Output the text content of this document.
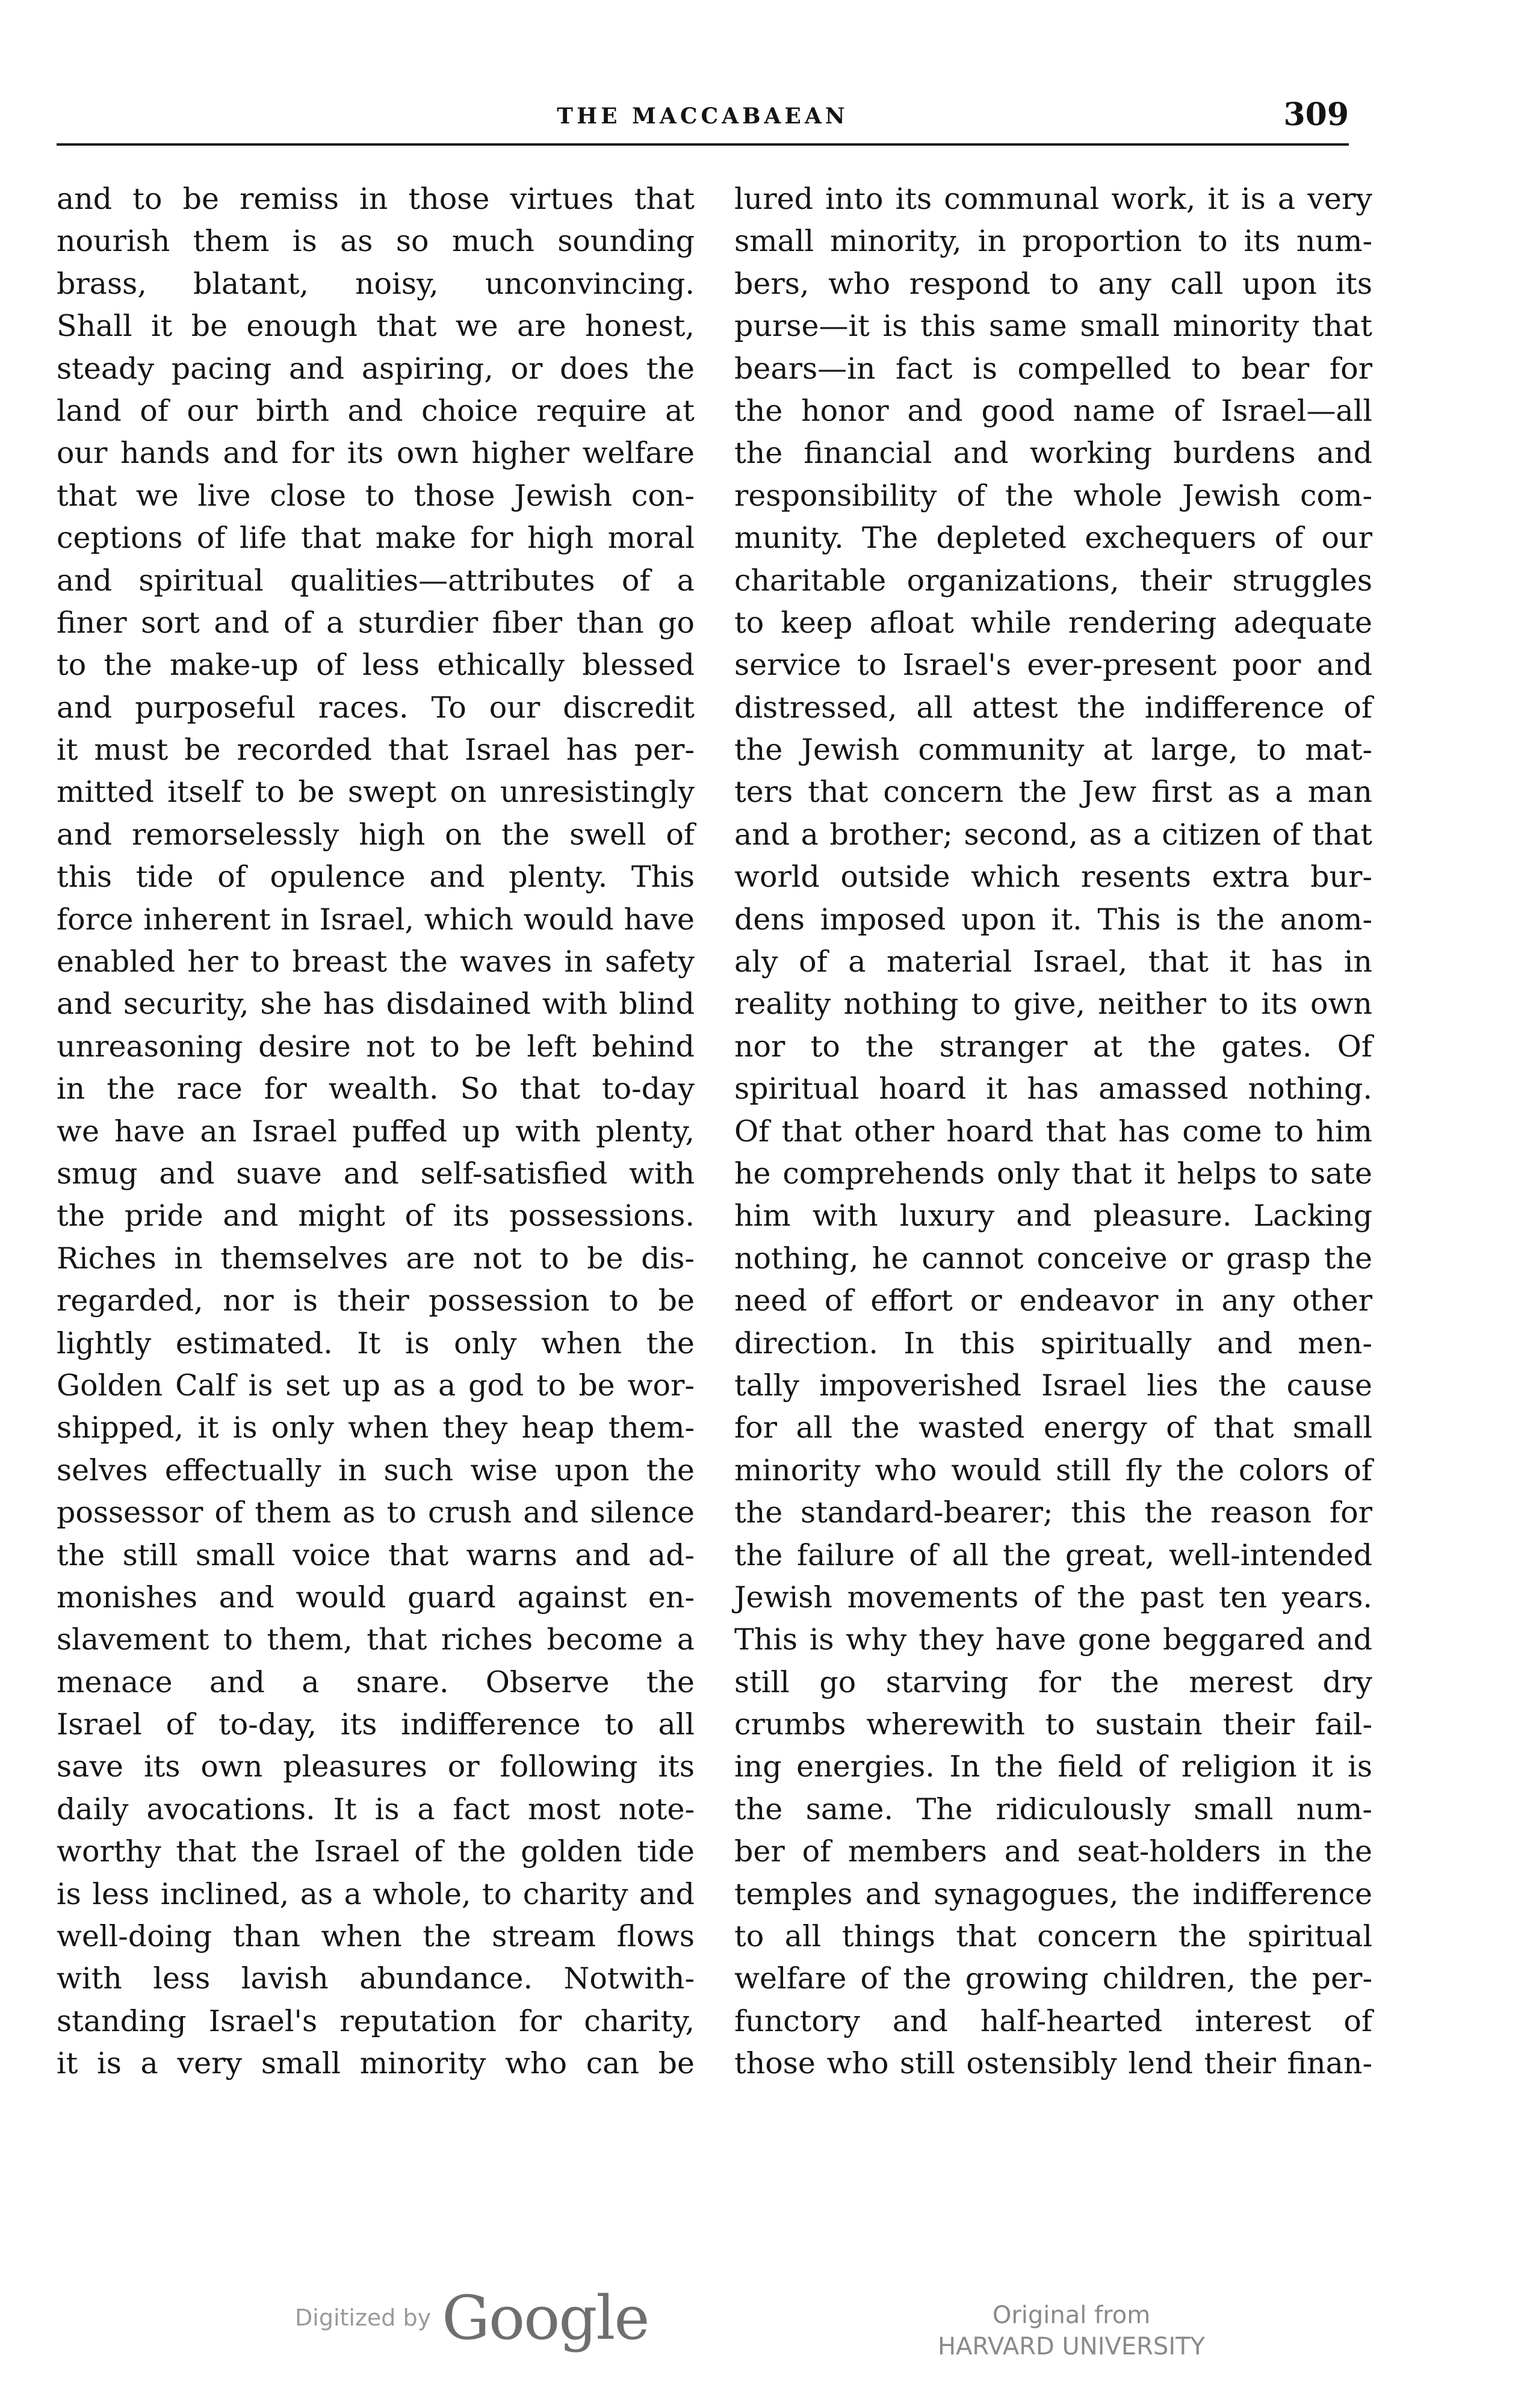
THE MACCABAEAN	309
and to be remiss in those virtues that
nourish them is as so much sounding
brass, blatant, noisy, unconvincing.
Shall it be enough that we are honest,
steady pacing and aspiring, or does the
land of our birth and choice require at
our hands and for its own higher welfare
that we live close to those Jewish con-
ceptions of life that make for high moral
and spiritual qualities—attributes of a
finer sort and of a sturdier fiber than go
to the make-up of less ethically blessed
and purposeful races. To our discredit
it must be recorded that Israel has per-
mitted itself to be swept on unresistingly
and remorselessly high on the swell of
this tide of opulence and plenty. This
force inherent in Israel, which would have
enabled her to breast the waves in safety
and security, she has disdained with blind
unreasoning desire not to be left behind
in the race for wealth. So that to-day
we have an Israel puffed up with plenty,
smug and suave and self-satisfied with
the pride and might of its possessions.
Riches in themselves are not to be dis-
regarded, nor is their possession to be
lightly estimated. It is only when the
Golden Calf is set up as a god to be wor-
shipped, it is only when they heap them-
selves effectually in such wise upon the
possessor of them as to crush and silence
the still small voice that warns and ad-
monishes and would guard against en-
slavement to them, that riches become a
menace and a snare. Observe the
Israel of to-day, its indifference to all
save its own pleasures or following its
daily avocations. It is a fact most note-
worthy that the Israel of the golden tide
is less inclined, as a whole, to charity and
well-doing than when the stream flows
with less lavish abundance. Notwith-
standing Israel's reputation for charity,
it is a very small minority who can be
lured into its communal work, it is a very
small minority, in proportion to its num-
bers, who respond to any call upon its
purse—it is this same small minority that
bears—in fact is compelled to bear for
the honor and good name of Israel—all
the financial and working burdens and
responsibility of the whole Jewish com-
munity. The depleted exchequers of our
charitable organizations, their struggles
to keep afloat while rendering adequate
service to Israel's ever-present poor and
distressed, all attest the indifference of
the Jewish community at large, to mat-
ters that concern the Jew first as a man
and a brother; second, as a citizen of that
world outside which resents extra bur-
dens imposed upon it. This is the anom-
aly of a material Israel, that it has in
reality nothing to give, neither to its own
nor to the stranger at the gates. Of
spiritual hoard it has amassed nothing.
Of that other hoard that has come to him
he comprehends only that it helps to sate
him with luxury and pleasure. Lacking
nothing, he cannot conceive or grasp the
need of effort or endeavor in any other
direction. In this spiritually and men-
tally impoverished Israel lies the cause
for all the wasted energy of that small
minority who would still fly the colors of
the standard-bearer; this the reason for
the failure of all the great, well-intended
Jewish movements of the past ten years.
This is why they have gone beggared and
still go starving for the merest dry
crumbs wherewith to sustain their fail-
ing energies. In the field of religion it is
the same. The ridiculously small num-
ber of members and seat-holders in the
temples and synagogues, the indifference
to all things that concern the spiritual
welfare of the growing children, the per-
functory and half-hearted interest of
those who still ostensibly lend their finan-
Digitized by Google	Original from
HARVARD UNIVERSITY
